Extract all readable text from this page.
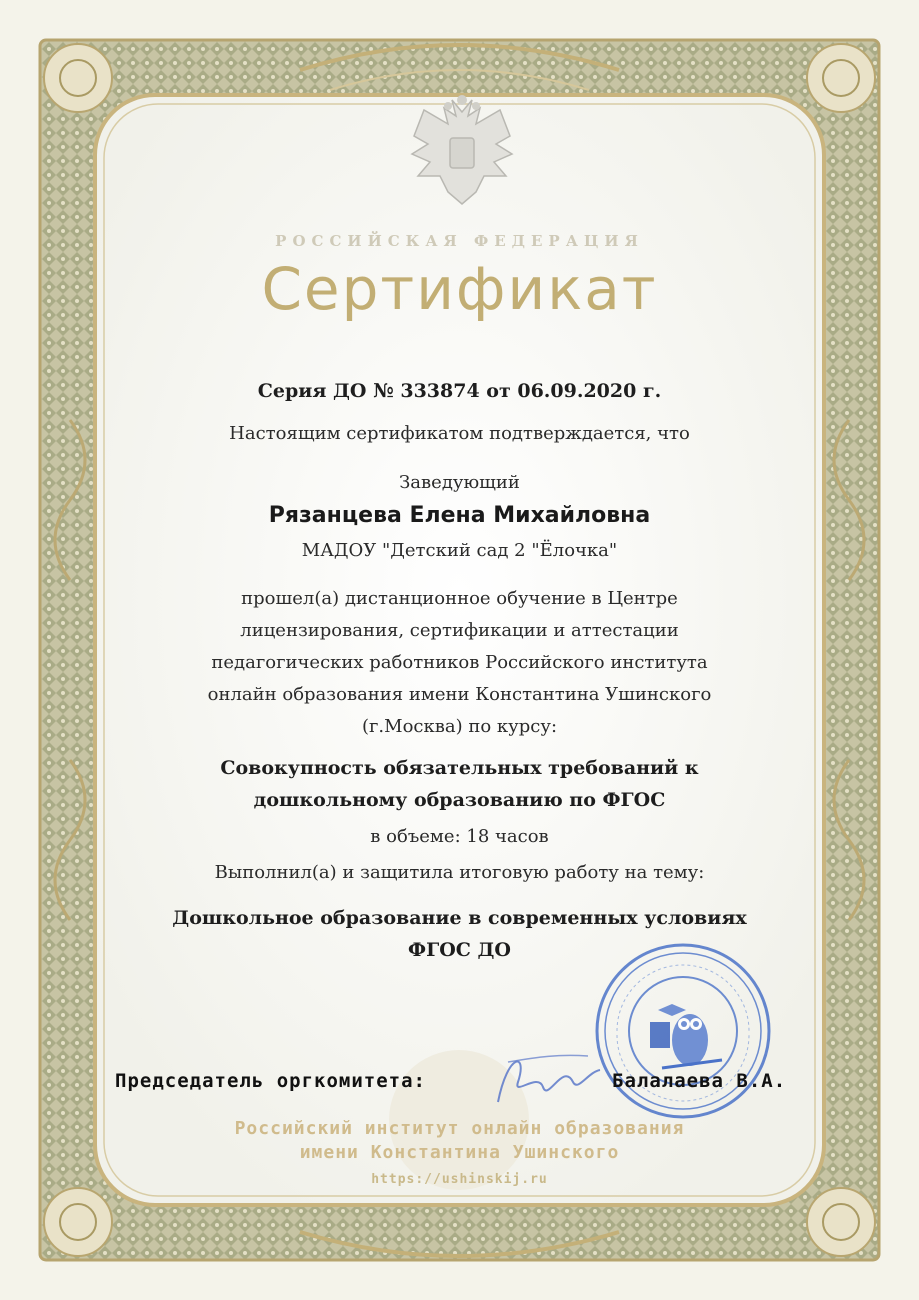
РОССИЙСКАЯ ФЕДЕРАЦИЯ
Сертификат
Серия ДО № 333874 от 06.09.2020 г.
Настоящим сертификатом подтверждается, что
Заведующий
Рязанцева Елена Михайловна
МАДОУ "Детский сад 2 "Ёлочка"
прошел(а) дистанционное обучение в Центре
лицензирования, сертификации и аттестации
педагогических работников Российского института
онлайн образования имени Константина Ушинского
(г.Москва) по курсу:
Совокупность обязательных требований к
дошкольному образованию по ФГОС
в объеме: 18 часов
Выполнил(а) и защитила итоговую работу на тему:
Дошкольное образование в современных условиях
ФГОС ДО
Председатель оргкомитета:	Балалаева В.А.
Российский институт онлайн образования
имени Константина Ушинского
https://ushinskij.ru
